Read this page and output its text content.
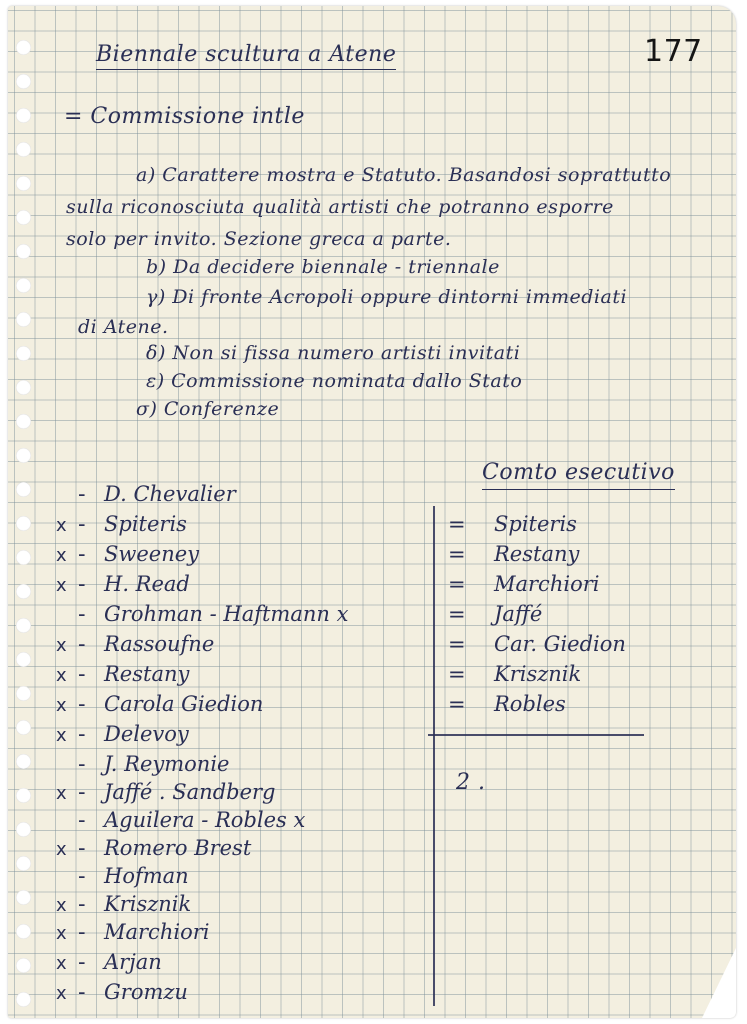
Biennale scultura a Atene	177
= Commissione intle
a) Carattere mostra e Statuto. Basandosi soprattutto
sulla riconosciuta qualità artisti che potranno esporre
solo per invito. Sezione greca a parte.
b) Da decidere biennale - triennale
γ) Di fronte Acropoli oppure dintorni immediati
di Atene.
δ) Non si fissa numero artisti invitati
ε) Commissione nominata dallo Stato
σ) Conferenze
Comto esecutivo
- D. Chevalier
x - Spiteris
x - Sweeney
x - H. Read
- Grohman - Haftmann x
x - Rassoufne
x - Restany
x - Carola Giedion
x - Delevoy
- J. Reymonie
x - Jaffé . Sandberg
- Aguilera - Robles x
x - Romero Brest
- Hofman
x - Krisznik
x - Marchiori
x - Arjan
x - Gromzu
= Spiteris
= Restany
= Marchiori
= Jaffé
= Car. Giedion
= Krisznik
= Robles
2 .
